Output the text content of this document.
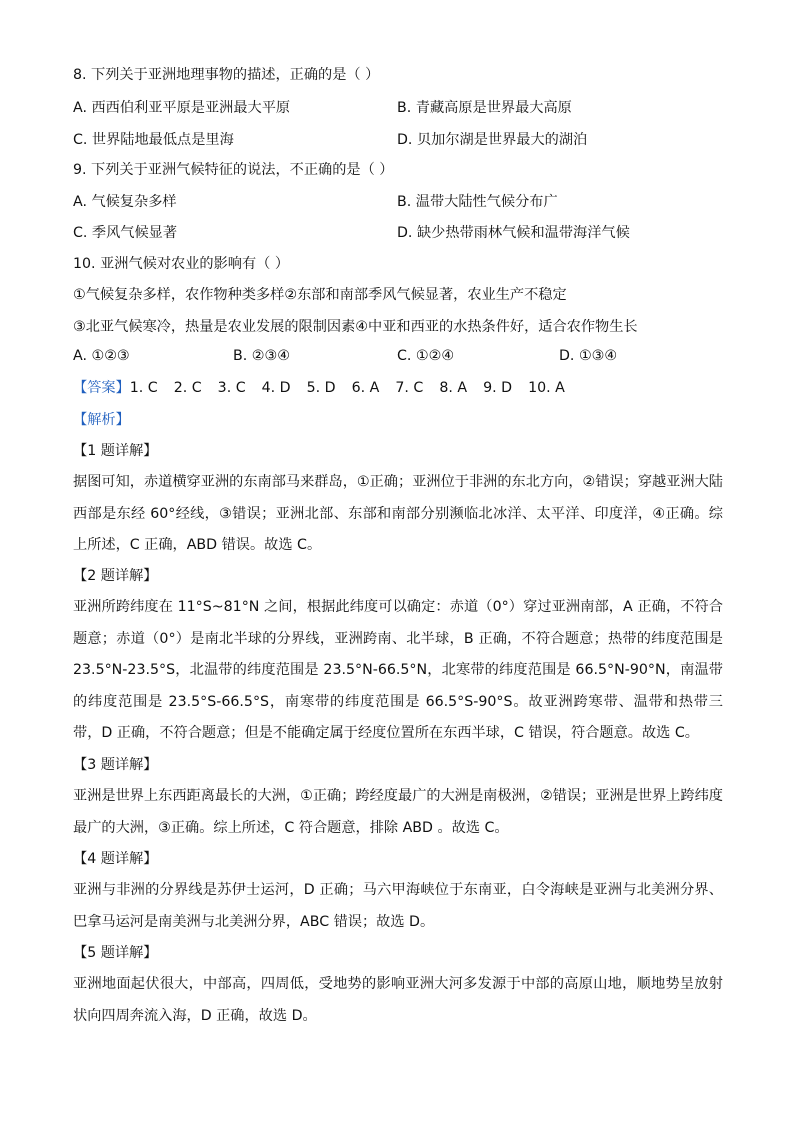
8. 下列关于亚洲地理事物的描述，正确的是（ ）
A. 西西伯利亚平原是亚洲最大平原	B. 青藏高原是世界最大高原
C. 世界陆地最低点是里海	D. 贝加尔湖是世界最大的湖泊
9. 下列关于亚洲气候特征的说法，不正确的是（ ）
A. 气候复杂多样	B. 温带大陆性气候分布广
C. 季风气候显著	D. 缺少热带雨林气候和温带海洋气候
10. 亚洲气候对农业的影响有（ ）
①气候复杂多样，农作物种类多样②东部和南部季风气候显著，农业生产不稳定
③北亚气候寒冷，热量是农业发展的限制因素④中亚和西亚的水热条件好，适合农作物生长
A. ①②③	B. ②③④	C. ①②④	D. ①③④
【答案】1. C 2. C 3. C 4. D 5. D 6. A 7. C 8. A 9. D 10. A
【解析】
【1 题详解】
据图可知，赤道横穿亚洲的东南部马来群岛，①正确；亚洲位于非洲的东北方向，②错误；穿越亚洲大陆西部是东经 60°经线，③错误；亚洲北部、东部和南部分别濒临北冰洋、太平洋、印度洋，④正确。综上所述，C 正确，ABD 错误。故选 C。
【2 题详解】
亚洲所跨纬度在 11°S~81°N 之间，根据此纬度可以确定：赤道（0°）穿过亚洲南部，A 正确，不符合题意；赤道（0°）是南北半球的分界线，亚洲跨南、北半球，B 正确，不符合题意；热带的纬度范围是 23.5°N-23.5°S，北温带的纬度范围是 23.5°N-66.5°N，北寒带的纬度范围是 66.5°N-90°N，南温带的纬度范围是 23.5°S-66.5°S，南寒带的纬度范围是 66.5°S-90°S。故亚洲跨寒带、温带和热带三带，D 正确，不符合题意；但是不能确定属于经度位置所在东西半球，C 错误，符合题意。故选 C。
【3 题详解】
亚洲是世界上东西距离最长的大洲，①正确；跨经度最广的大洲是南极洲，②错误；亚洲是世界上跨纬度最广的大洲，③正确。综上所述，C 符合题意，排除 ABD 。故选 C。
【4 题详解】
亚洲与非洲的分界线是苏伊士运河，D 正确；马六甲海峡位于东南亚，白令海峡是亚洲与北美洲分界、巴拿马运河是南美洲与北美洲分界，ABC 错误；故选 D。
【5 题详解】
亚洲地面起伏很大，中部高，四周低，受地势的影响亚洲大河多发源于中部的高原山地，顺地势呈放射状向四周奔流入海，D 正确，故选 D。
